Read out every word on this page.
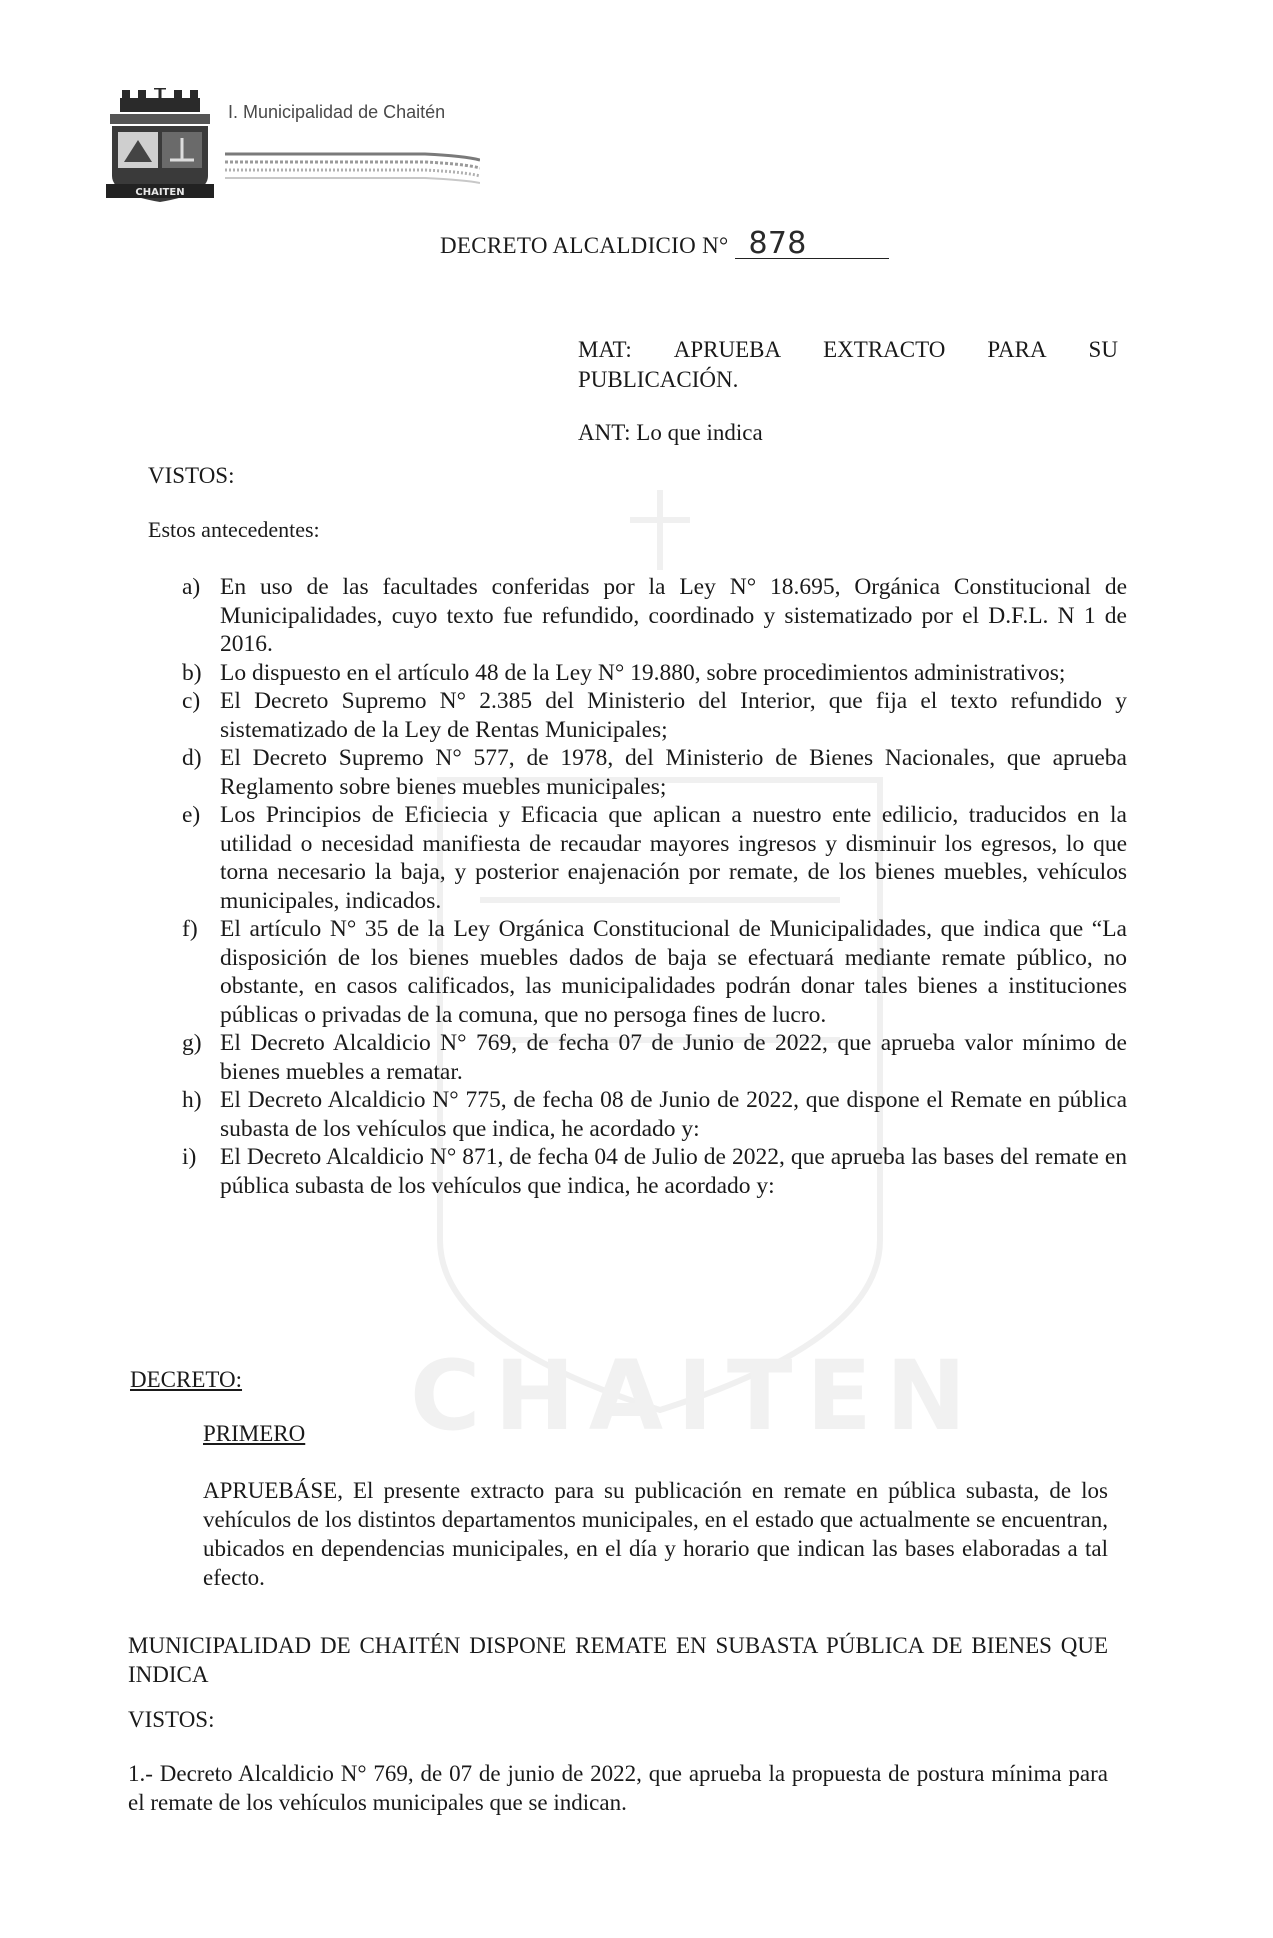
CHAITEN
CHAITEN
I. Municipalidad de Chaitén
DECRETO ALCALDICIO N° 878
MAT: APRUEBA EXTRACTO PARA SU
PUBLICACIÓN.
ANT: Lo que indica
VISTOS:
Estos antecedentes:
a) En uso de las facultades conferidas por la Ley N° 18.695, Orgánica Constitucional de Municipalidades, cuyo texto fue refundido, coordinado y sistematizado por el D.F.L. N 1 de 2016.
b) Lo dispuesto en el artículo 48 de la Ley N° 19.880, sobre procedimientos administrativos;
c) El Decreto Supremo N° 2.385 del Ministerio del Interior, que fija el texto refundido y sistematizado de la Ley de Rentas Municipales;
d) El Decreto Supremo N° 577, de 1978, del Ministerio de Bienes Nacionales, que aprueba Reglamento sobre bienes muebles municipales;
e) Los Principios de Eficiecia y Eficacia que aplican a nuestro ente edilicio, traducidos en la utilidad o necesidad manifiesta de recaudar mayores ingresos y disminuir los egresos, lo que torna necesario la baja, y posterior enajenación por remate, de los bienes muebles, vehículos municipales, indicados.
f) El artículo N° 35 de la Ley Orgánica Constitucional de Municipalidades, que indica que “La disposición de los bienes muebles dados de baja se efectuará mediante remate público, no obstante, en casos calificados, las municipalidades podrán donar tales bienes a instituciones públicas o privadas de la comuna, que no persoga fines de lucro.
g) El Decreto Alcaldicio N° 769, de fecha 07 de Junio de 2022, que aprueba valor mínimo de bienes muebles a rematar.
h) El Decreto Alcaldicio N° 775, de fecha 08 de Junio de 2022, que dispone el Remate en pública subasta de los vehículos que indica, he acordado y:
i)	El Decreto Alcaldicio N° 871, de fecha 04 de Julio de 2022, que aprueba las bases del remate en pública subasta de los vehículos que indica, he acordado y:
DECRETO:
PRIMERO
APRUEBÁSE, El presente extracto para su publicación en remate en pública subasta, de los vehículos de los distintos departamentos municipales, en el estado que actualmente se encuentran, ubicados en dependencias municipales, en el día y horario que indican las bases elaboradas a tal efecto.
MUNICIPALIDAD DE CHAITÉN DISPONE REMATE EN SUBASTA PÚBLICA DE BIENES QUE INDICA
VISTOS:
1.- Decreto Alcaldicio N° 769, de 07 de junio de 2022, que aprueba la propuesta de postura mínima para el remate de los vehículos municipales que se indican.
